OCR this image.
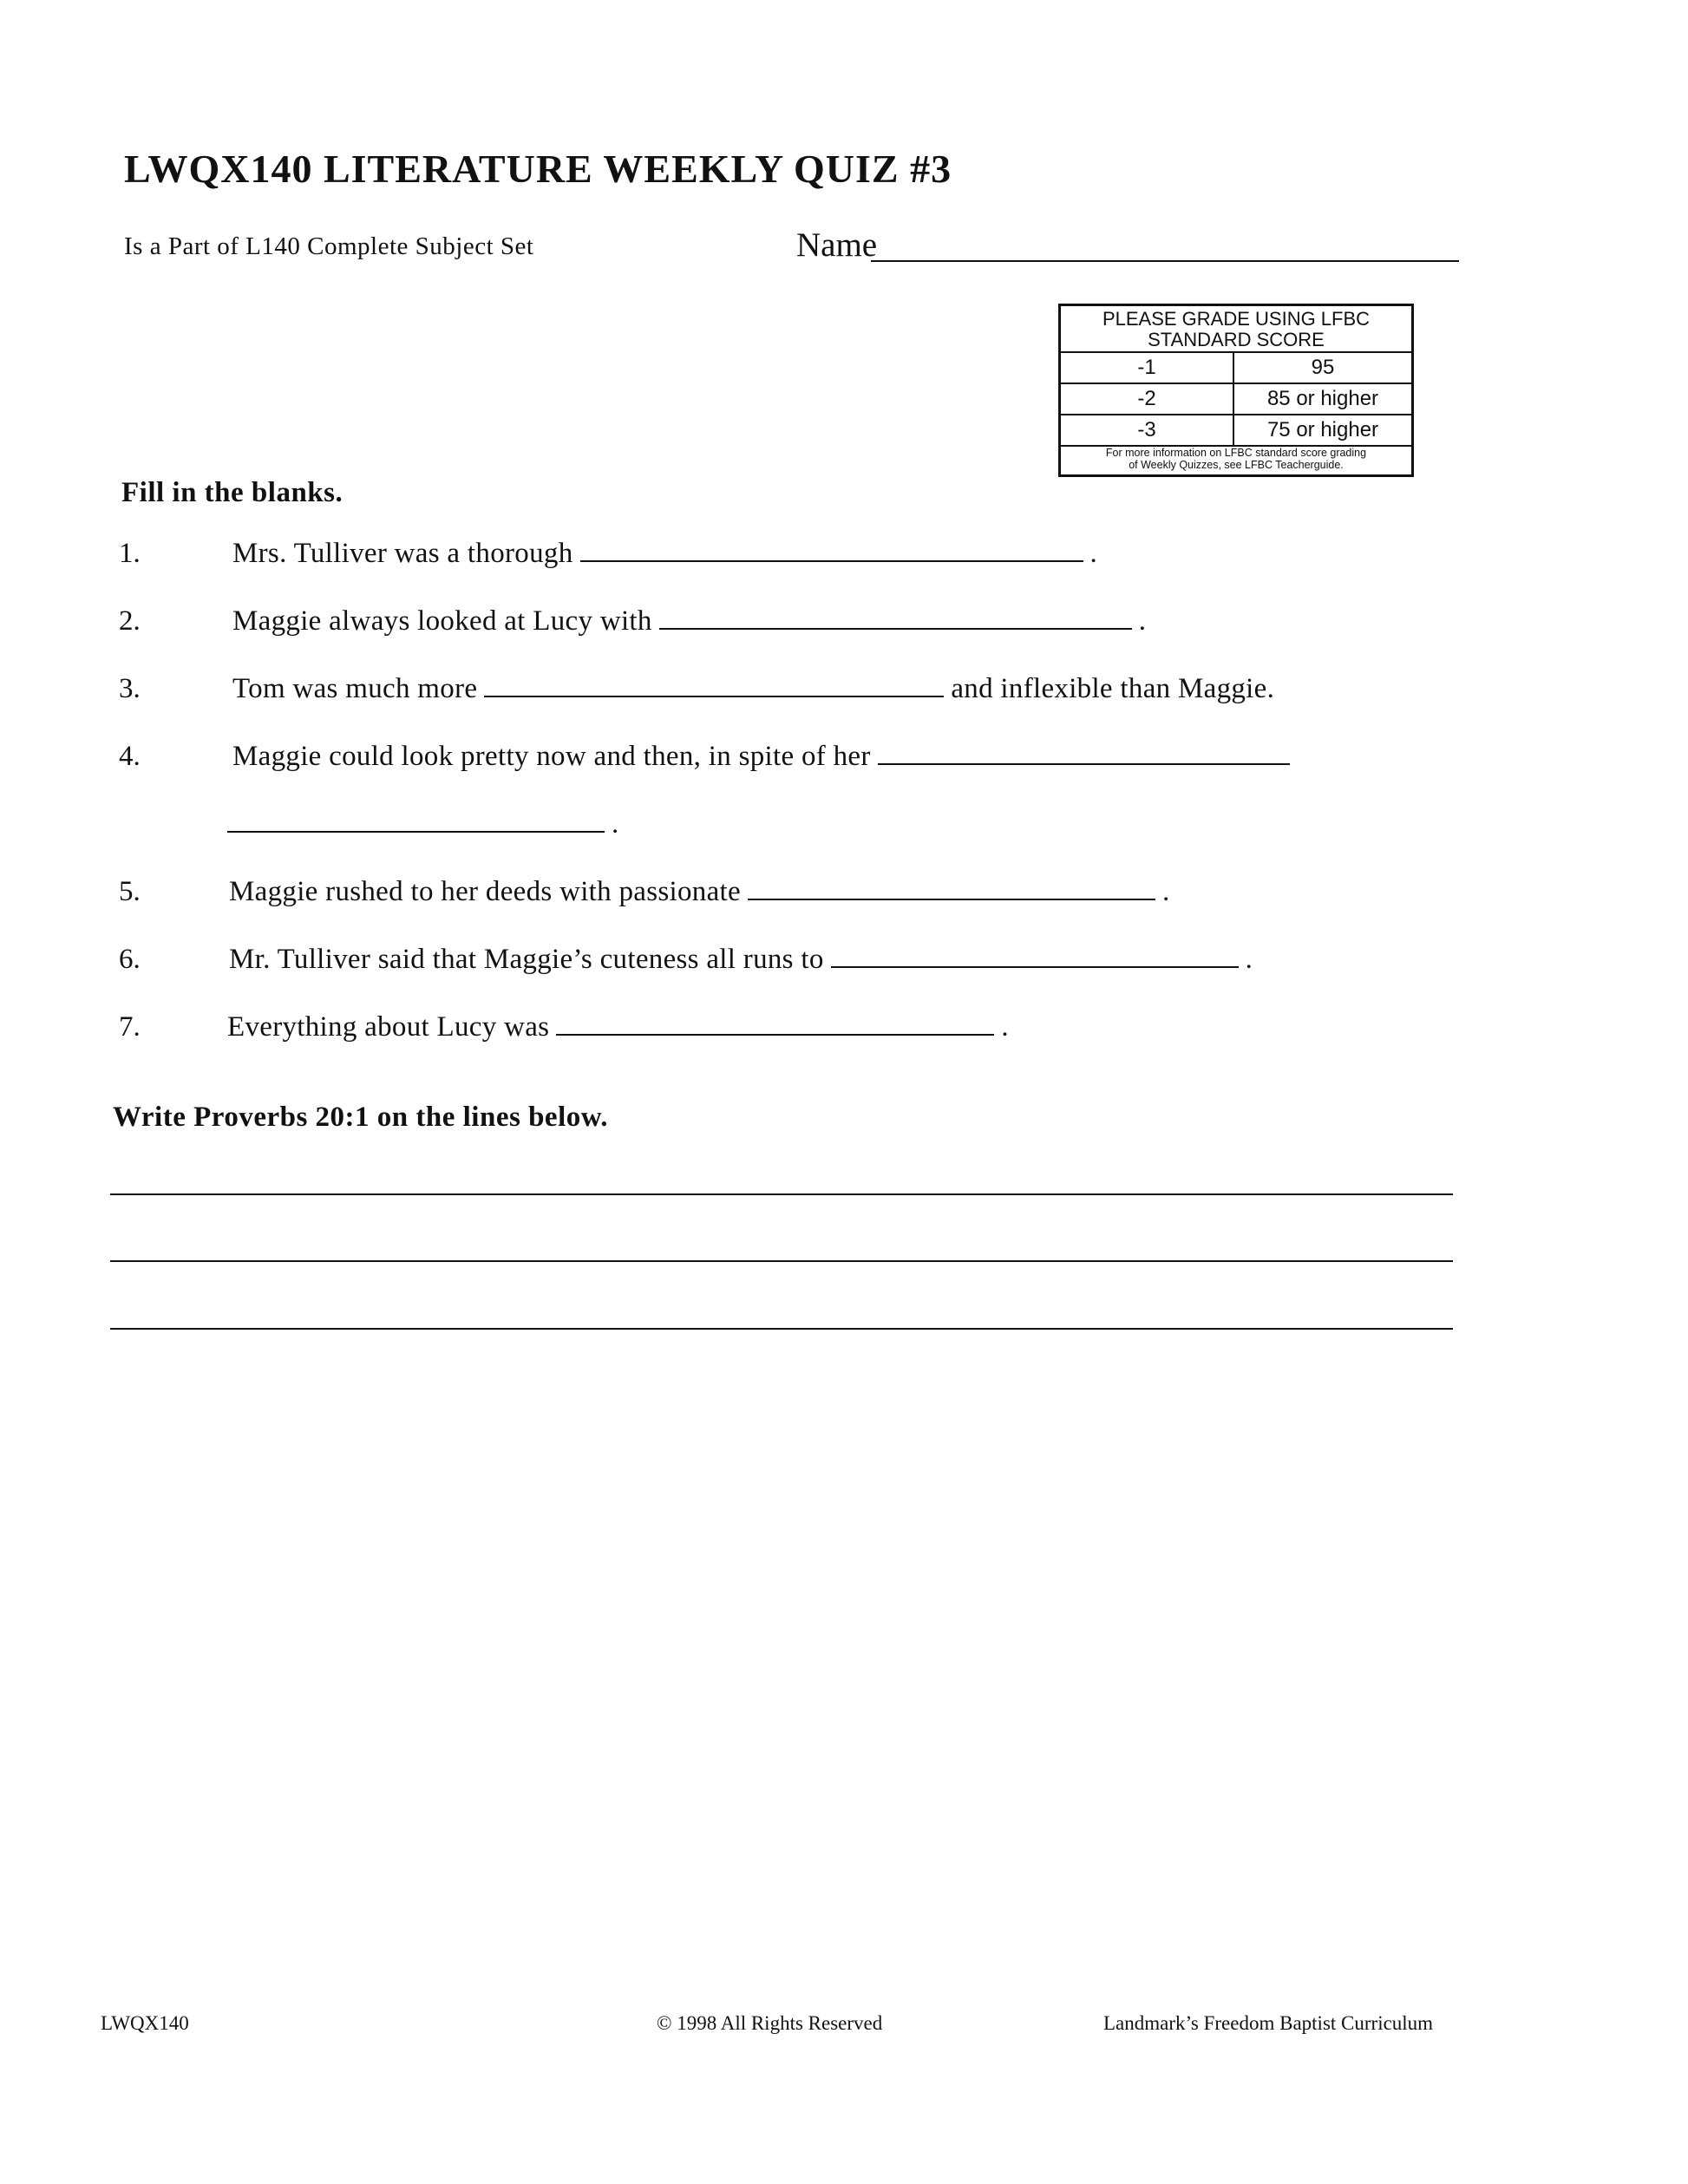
LWQX140 LITERATURE WEEKLY QUIZ #3
Is a Part of L140 Complete Subject Set	Name
PLEASE GRADE USING LFBC
STANDARD SCORE
-1	95
-2	85 or higher
-3	75 or higher
For more information on LFBC standard score grading
of Weekly Quizzes, see LFBC Teacherguide.
Fill in the blanks.
1.	Mrs. Tulliver was a thorough	.
2.	Maggie always looked at Lucy with	.
3.	Tom was much more	and inflexible than Maggie.
4.	Maggie could look pretty now and then, in spite of her
.
5.	Maggie rushed to her deeds with passionate	.
6.	Mr. Tulliver said that Maggie’s cuteness all runs to	.
7.	Everything about Lucy was	.
Write Proverbs 20:1 on the lines below.
LWQX140	© 1998 All Rights Reserved	Landmark’s Freedom Baptist Curriculum
